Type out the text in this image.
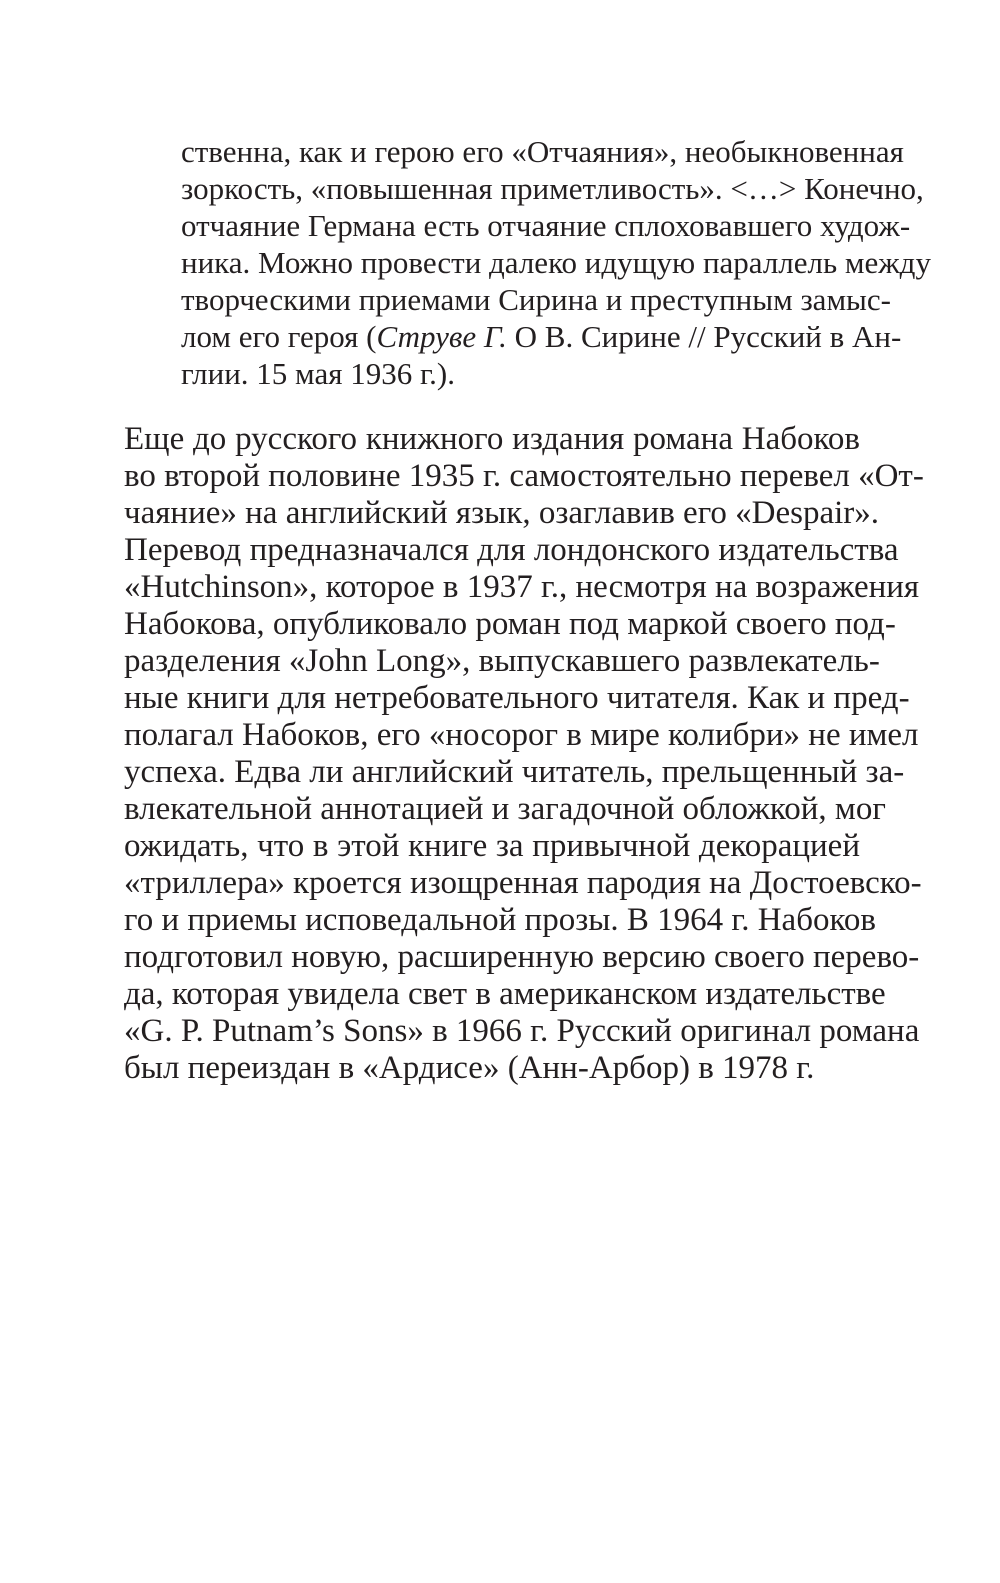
ственна, как и герою его «Отчаяния», необыкновенная

зоркость, «повышенная приметливость». <…> Конечно,

отчаяние Германа есть отчаяние сплоховавшего худож-

ника. Можно провести далеко идущую параллель между

творческими приемами Сирина и преступным замыс-

лом его героя (Струве Г. О В. Сирине // Русский в Ан-

глии. 15 мая 1936 г.).

Еще до русского книжного издания романа Набоков

во второй половине 1935 г. самостоятельно перевел «От-

чаяние» на английский язык, озаглавив его «Despair».

Перевод предназначался для лондонского издательства

«Hutchinson», которое в 1937 г., несмотря на возражения

Набокова, опубликовало роман под маркой своего под-

разделения «John Long», выпускавшего развлекатель-

ные книги для нетребовательного читателя. Как и пред-

полагал Набоков, его «носорог в мире колибри» не имел

успеха. Едва ли английский читатель, прельщенный за-

влекательной аннотацией и загадочной обложкой, мог

ожидать, что в этой книге за привычной декорацией

«триллера» кроется изощренная пародия на Достоевско-

го и приемы исповедальной прозы. В 1964 г. Набоков

подготовил новую, расширенную версию своего перево-

да, которая увидела свет в американском издательстве

«G. P. Putnam’s Sons» в 1966 г. Русский оригинал романа

был переиздан в «Ардисе» (Анн-Арбор) в 1978 г.
